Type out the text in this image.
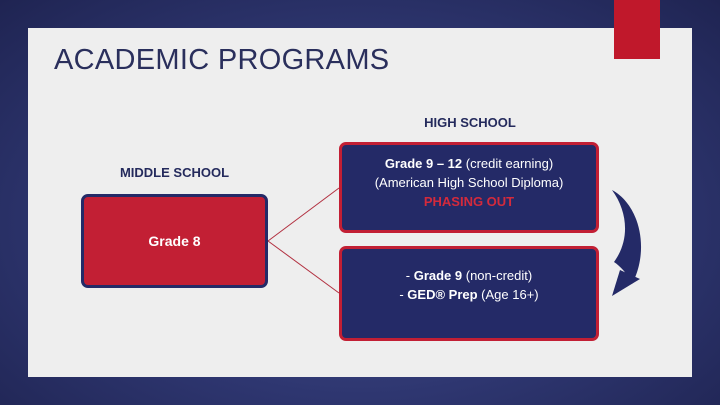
ACADEMIC PROGRAMS
HIGH SCHOOL
MIDDLE SCHOOL
Grade 8
Grade 9 – 12 (credit earning)
(American High School Diploma)
PHASING OUT
- Grade 9 (non-credit)
- GED® Prep (Age 16+)
